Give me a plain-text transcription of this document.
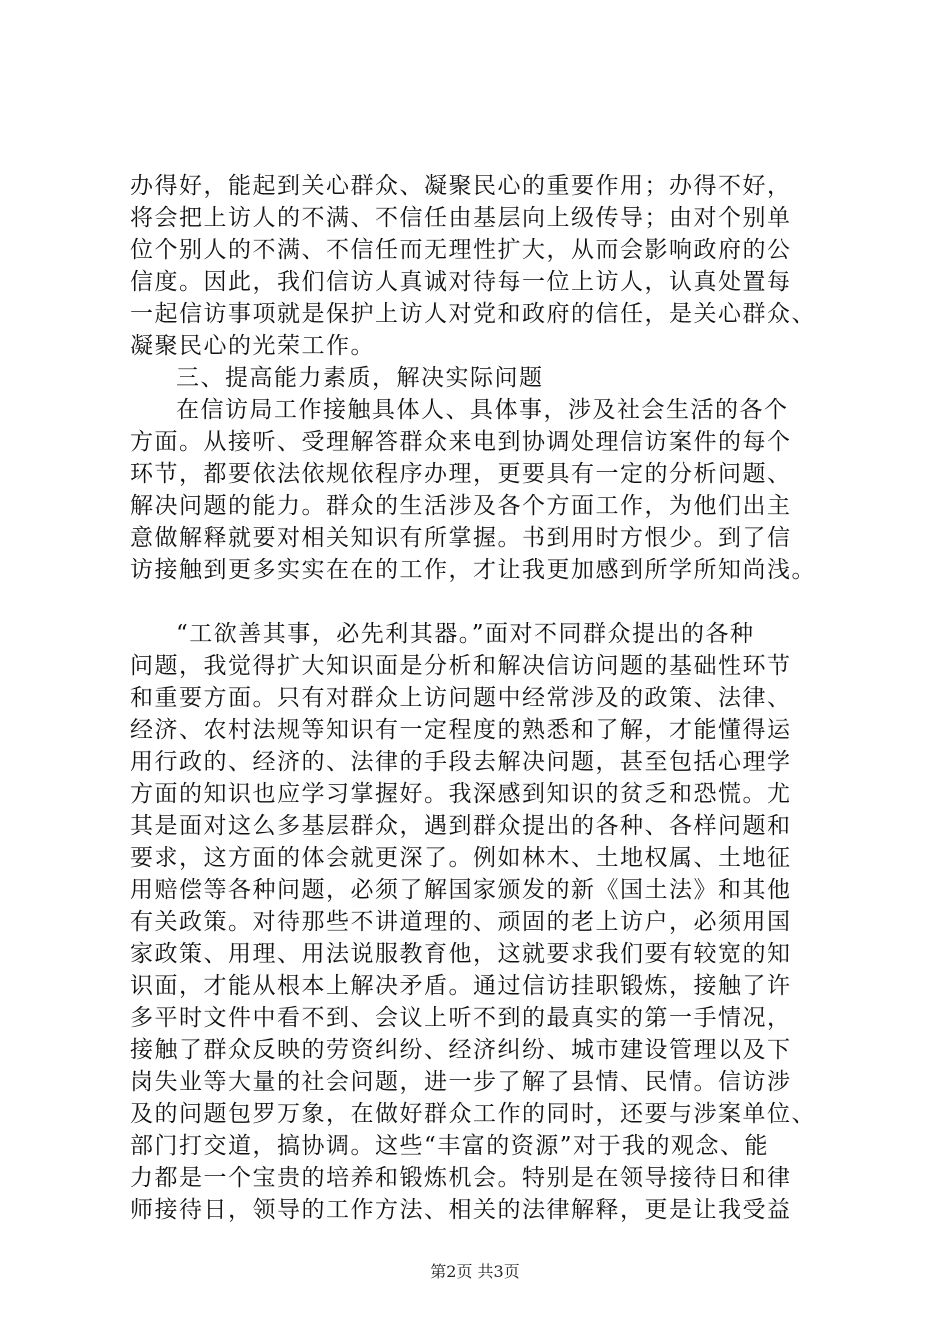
办得好，能起到关心群众、凝聚民心的重要作用；办得不好，
将会把上访人的不满、不信任由基层向上级传导；由对个别单
位个别人的不满、不信任而无理性扩大，从而会影响政府的公
信度。因此，我们信访人真诚对待每一位上访人，认真处置每
一起信访事项就是保护上访人对党和政府的信任，是关心群众、
凝聚民心的光荣工作。
三、提高能力素质，解决实际问题
在信访局工作接触具体人、具体事，涉及社会生活的各个
方面。从接听、受理解答群众来电到协调处理信访案件的每个
环节，都要依法依规依程序办理，更要具有一定的分析问题、
解决问题的能力。群众的生活涉及各个方面工作，为他们出主
意做解释就要对相关知识有所掌握。书到用时方恨少。到了信
访接触到更多实实在在的工作，才让我更加感到所学所知尚浅。
“工欲善其事，必先利其器。”面对不同群众提出的各种
问题，我觉得扩大知识面是分析和解决信访问题的基础性环节
和重要方面。只有对群众上访问题中经常涉及的政策、法律、
经济、农村法规等知识有一定程度的熟悉和了解，才能懂得运
用行政的、经济的、法律的手段去解决问题，甚至包括心理学
方面的知识也应学习掌握好。我深感到知识的贫乏和恐慌。尤
其是面对这么多基层群众，遇到群众提出的各种、各样问题和
要求，这方面的体会就更深了。例如林木、土地权属、土地征
用赔偿等各种问题，必须了解国家颁发的新《国土法》和其他
有关政策。对待那些不讲道理的、顽固的老上访户，必须用国
家政策、用理、用法说服教育他，这就要求我们要有较宽的知
识面，才能从根本上解决矛盾。通过信访挂职锻炼，接触了许
多平时文件中看不到、会议上听不到的最真实的第一手情况，
接触了群众反映的劳资纠纷、经济纠纷、城市建设管理以及下
岗失业等大量的社会问题，进一步了解了县情、民情。信访涉
及的问题包罗万象，在做好群众工作的同时，还要与涉案单位、
部门打交道，搞协调。这些“丰富的资源”对于我的观念、能
力都是一个宝贵的培养和锻炼机会。特别是在领导接待日和律
师接待日，领导的工作方法、相关的法律解释，更是让我受益
第2页 共3页
